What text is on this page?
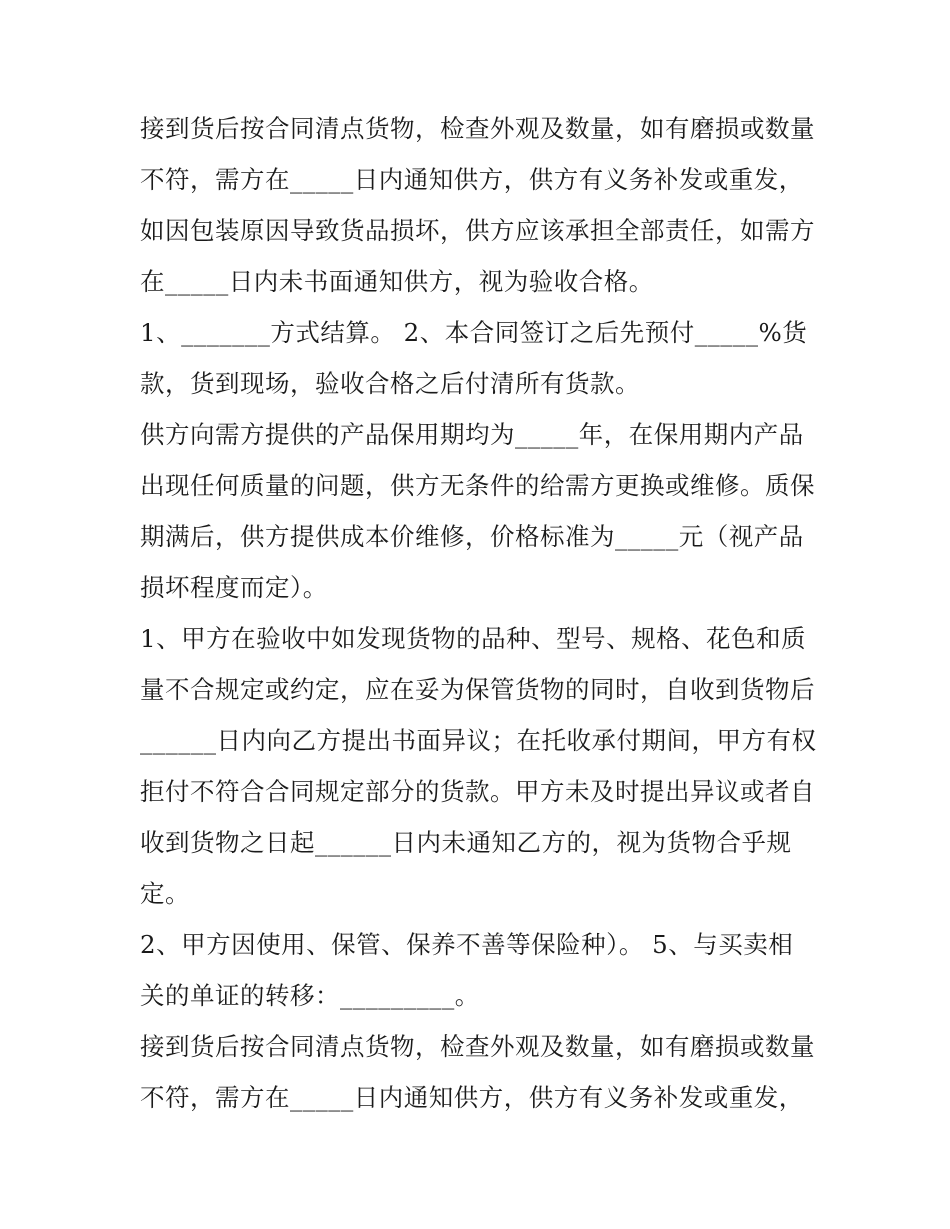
接到货后按合同清点货物，检查外观及数量，如有磨损或数量
不符，需方在_____日内通知供方，供方有义务补发或重发，
如因包装原因导致货品损坏，供方应该承担全部责任，如需方
在_____日内未书面通知供方，视为验收合格。
1、_______方式结算。 2、本合同签订之后先预付_____%货
款，货到现场，验收合格之后付清所有货款。
供方向需方提供的产品保用期均为_____年，在保用期内产品
出现任何质量的问题，供方无条件的给需方更换或维修。质保
期满后，供方提供成本价维修，价格标准为_____元（视产品
损坏程度而定）。
1、甲方在验收中如发现货物的品种、型号、规格、花色和质
量不合规定或约定，应在妥为保管货物的同时，自收到货物后
______日内向乙方提出书面异议；在托收承付期间，甲方有权
拒付不符合合同规定部分的货款。甲方未及时提出异议或者自
收到货物之日起______日内未通知乙方的，视为货物合乎规
定。
2、甲方因使用、保管、保养不善等保险种）。 5、与买卖相
关的单证的转移：_________。
接到货后按合同清点货物，检查外观及数量，如有磨损或数量
不符，需方在_____日内通知供方，供方有义务补发或重发，
